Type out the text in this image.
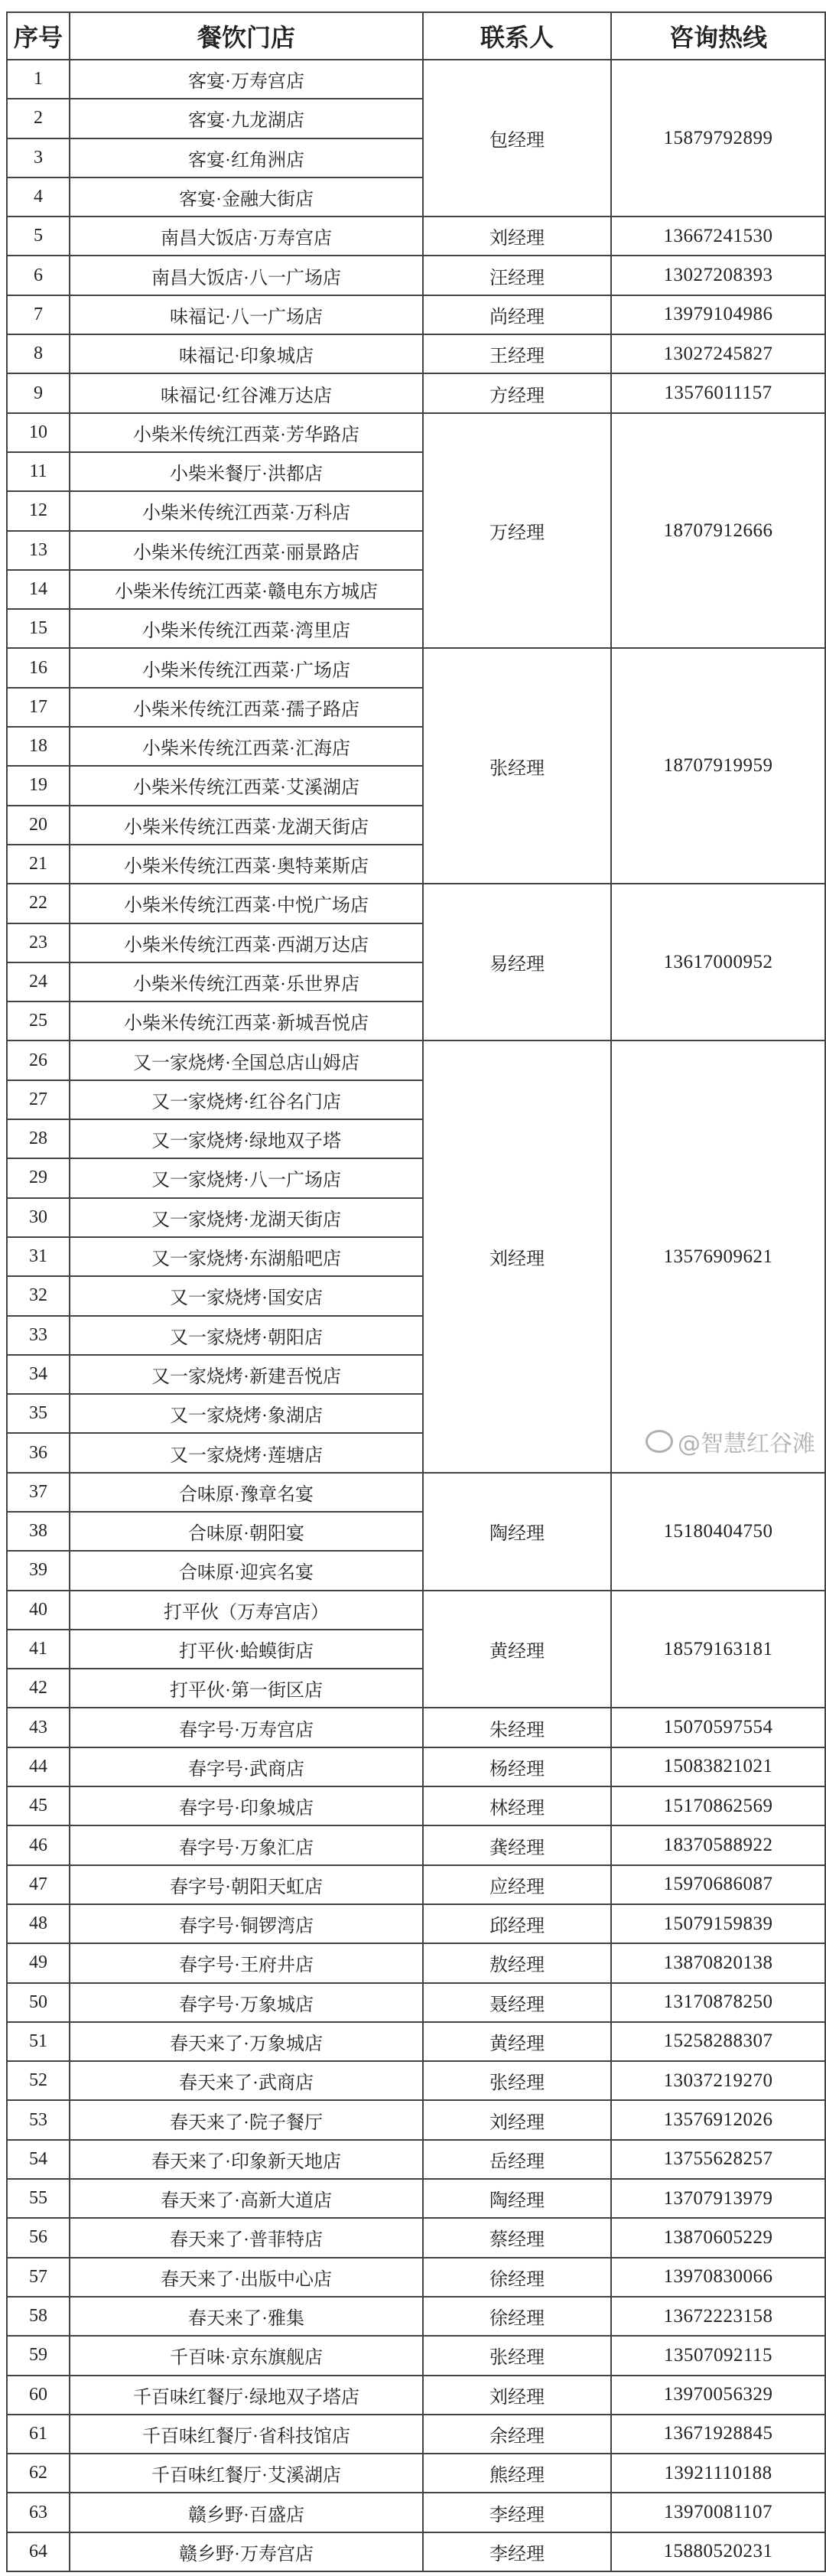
序号	餐饮门店	联系人	咨询热线
1	客宴·万寿宫店	包经理	15879792899
2	客宴·九龙湖店		
3	客宴·红角洲店		
4	客宴·金融大街店		
5	南昌大饭店·万寿宫店	刘经理	13667241530
6	南昌大饭店·八一广场店	汪经理	13027208393
7	味福记·八一广场店	尚经理	13979104986
8	味福记·印象城店	王经理	13027245827
9	味福记·红谷滩万达店	方经理	13576011157
10	小柴米传统江西菜·芳华路店	万经理	18707912666
11	小柴米餐厅·洪都店		
12	小柴米传统江西菜·万科店		
13	小柴米传统江西菜·丽景路店		
14	小柴米传统江西菜·赣电东方城店		
15	小柴米传统江西菜·湾里店		
16	小柴米传统江西菜·广场店	张经理	18707919959
17	小柴米传统江西菜·孺子路店		
18	小柴米传统江西菜·汇海店		
19	小柴米传统江西菜·艾溪湖店		
20	小柴米传统江西菜·龙湖天街店		
21	小柴米传统江西菜·奥特莱斯店		
22	小柴米传统江西菜·中悦广场店	易经理	13617000952
23	小柴米传统江西菜·西湖万达店		
24	小柴米传统江西菜·乐世界店		
25	小柴米传统江西菜·新城吾悦店		
26	又一家烧烤·全国总店山姆店	刘经理	13576909621
27	又一家烧烤·红谷名门店		
28	又一家烧烤·绿地双子塔		
29	又一家烧烤·八一广场店		
30	又一家烧烤·龙湖天街店		
31	又一家烧烤·东湖船吧店		
32	又一家烧烤·国安店		
33	又一家烧烤·朝阳店		
34	又一家烧烤·新建吾悦店		
35	又一家烧烤·象湖店		
36	又一家烧烤·莲塘店		
37	合味原·豫章名宴	陶经理	15180404750
38	合味原·朝阳宴		
39	合味原·迎宾名宴		
40	打平伙（万寿宫店）	黄经理	18579163181
41	打平伙·蛤蟆街店		
42	打平伙·第一街区店		
43	春字号·万寿宫店	朱经理	15070597554
44	春字号·武商店	杨经理	15083821021
45	春字号·印象城店	林经理	15170862569
46	春字号·万象汇店	龚经理	18370588922
47	春字号·朝阳天虹店	应经理	15970686087
48	春字号·铜锣湾店	邱经理	15079159839
49	春字号·王府井店	敖经理	13870820138
50	春字号·万象城店	聂经理	13170878250
51	春天来了·万象城店	黄经理	15258288307
52	春天来了·武商店	张经理	13037219270
53	春天来了·院子餐厅	刘经理	13576912026
54	春天来了·印象新天地店	岳经理	13755628257
55	春天来了·高新大道店	陶经理	13707913979
56	春天来了·普菲特店	蔡经理	13870605229
57	春天来了·出版中心店	徐经理	13970830066
58	春天来了·雅集	徐经理	13672223158
59	千百味·京东旗舰店	张经理	13507092115
60	千百味红餐厅·绿地双子塔店	刘经理	13970056329
61	千百味红餐厅·省科技馆店	余经理	13671928845
62	千百味红餐厅·艾溪湖店	熊经理	13921110188
63	赣乡野·百盛店	李经理	13970081107
64	赣乡野·万寿宫店	李经理	15880520231
@智慧红谷滩
